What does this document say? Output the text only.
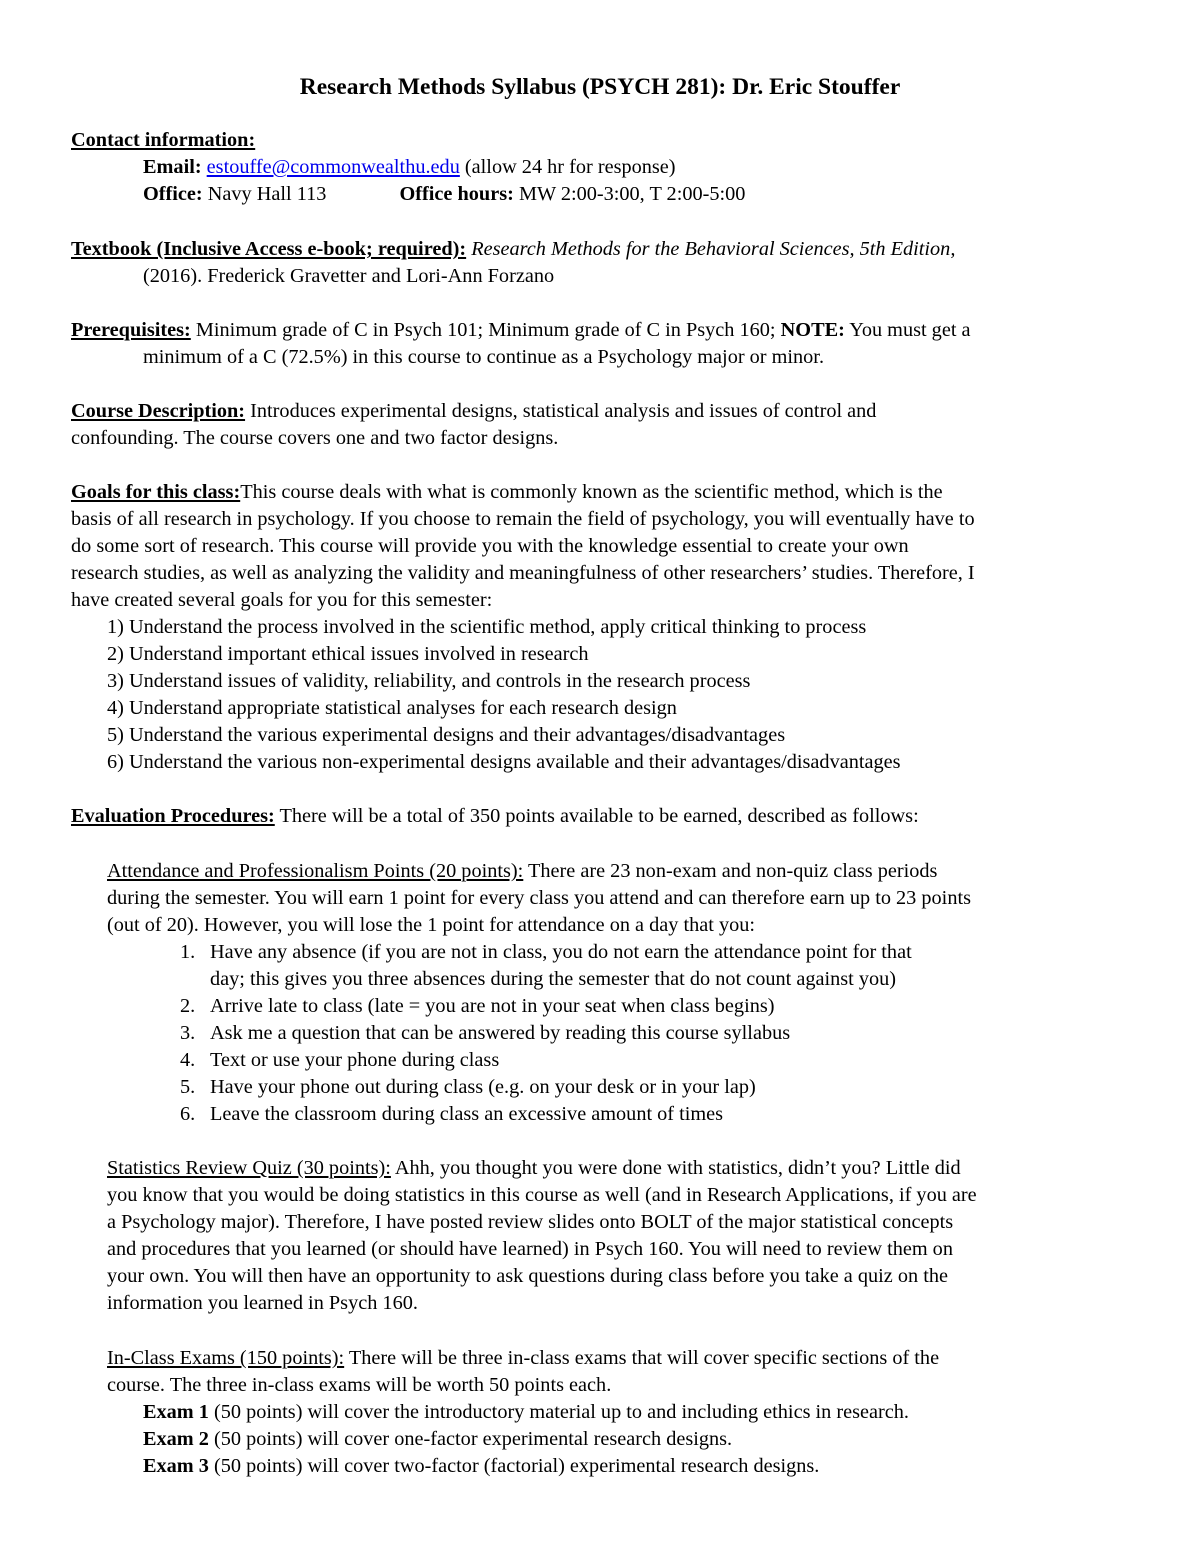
Research Methods Syllabus (PSYCH 281): Dr. Eric Stouffer
Contact information:
Email: estouffe@commonwealthu.edu (allow 24 hr for response)
Office: Navy Hall 113	Office hours: MW 2:00-3:00, T 2:00-5:00
Textbook (Inclusive Access e-book; required): Research Methods for the Behavioral Sciences, 5th Edition,
(2016). Frederick Gravetter and Lori-Ann Forzano
Prerequisites: Minimum grade of C in Psych 101; Minimum grade of C in Psych 160; NOTE: You must get a
minimum of a C (72.5%) in this course to continue as a Psychology major or minor.
Course Description: Introduces experimental designs, statistical analysis and issues of control and
confounding. The course covers one and two factor designs.
Goals for this class:This course deals with what is commonly known as the scientific method, which is the
basis of all research in psychology. If you choose to remain the field of psychology, you will eventually have to
do some sort of research. This course will provide you with the knowledge essential to create your own
research studies, as well as analyzing the validity and meaningfulness of other researchers’ studies. Therefore, I
have created several goals for you for this semester:
1) Understand the process involved in the scientific method, apply critical thinking to process
2) Understand important ethical issues involved in research
3) Understand issues of validity, reliability, and controls in the research process
4) Understand appropriate statistical analyses for each research design
5) Understand the various experimental designs and their advantages/disadvantages
6) Understand the various non-experimental designs available and their advantages/disadvantages
Evaluation Procedures: There will be a total of 350 points available to be earned, described as follows:
Attendance and Professionalism Points (20 points): There are 23 non-exam and non-quiz class periods
during the semester. You will earn 1 point for every class you attend and can therefore earn up to 23 points
(out of 20). However, you will lose the 1 point for attendance on a day that you:
1. Have any absence (if you are not in class, you do not earn the attendance point for that
day; this gives you three absences during the semester that do not count against you)
2. Arrive late to class (late = you are not in your seat when class begins)
3. Ask me a question that can be answered by reading this course syllabus
4. Text or use your phone during class
5. Have your phone out during class (e.g. on your desk or in your lap)
6. Leave the classroom during class an excessive amount of times
Statistics Review Quiz (30 points): Ahh, you thought you were done with statistics, didn’t you? Little did
you know that you would be doing statistics in this course as well (and in Research Applications, if you are
a Psychology major). Therefore, I have posted review slides onto BOLT of the major statistical concepts
and procedures that you learned (or should have learned) in Psych 160. You will need to review them on
your own. You will then have an opportunity to ask questions during class before you take a quiz on the
information you learned in Psych 160.
In-Class Exams (150 points): There will be three in-class exams that will cover specific sections of the
course. The three in-class exams will be worth 50 points each.
Exam 1 (50 points) will cover the introductory material up to and including ethics in research.
Exam 2 (50 points) will cover one-factor experimental research designs.
Exam 3 (50 points) will cover two-factor (factorial) experimental research designs.
